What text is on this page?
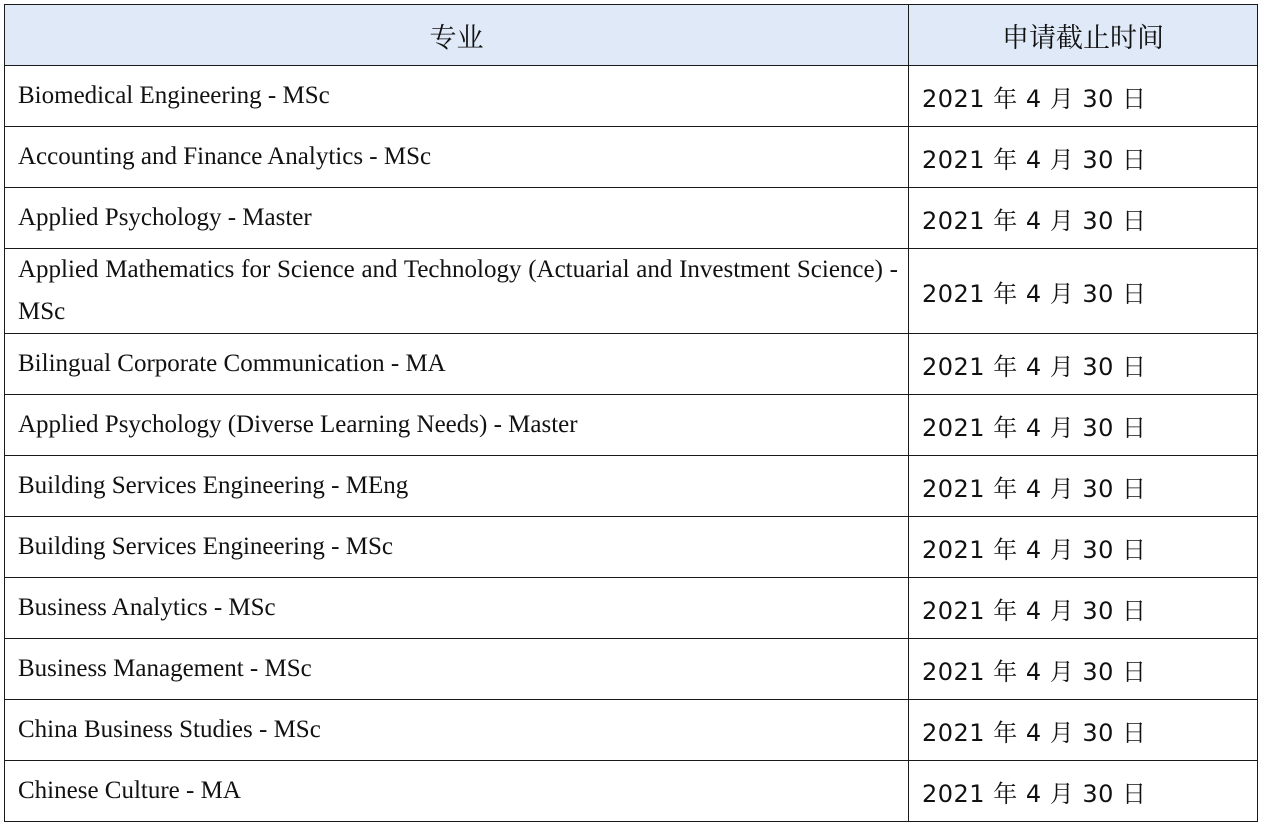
专业	申请截止时间
Biomedical Engineering - MSc	2021 年 4 月 30 日
Accounting and Finance Analytics - MSc	2021 年 4 月 30 日
Applied Psychology - Master	2021 年 4 月 30 日

Applied Mathematics for Science and Technology (Actuarial and Investment Science) -MSc	2021 年 4 月 30 日
Bilingual Corporate Communication - MA	2021 年 4 月 30 日
Applied Psychology (Diverse Learning Needs) - Master	2021 年 4 月 30 日
Building Services Engineering - MEng	2021 年 4 月 30 日
Building Services Engineering - MSc	2021 年 4 月 30 日
Business Analytics - MSc	2021 年 4 月 30 日
Business Management - MSc	2021 年 4 月 30 日
China Business Studies - MSc	2021 年 4 月 30 日
Chinese Culture - MA	2021 年 4 月 30 日
